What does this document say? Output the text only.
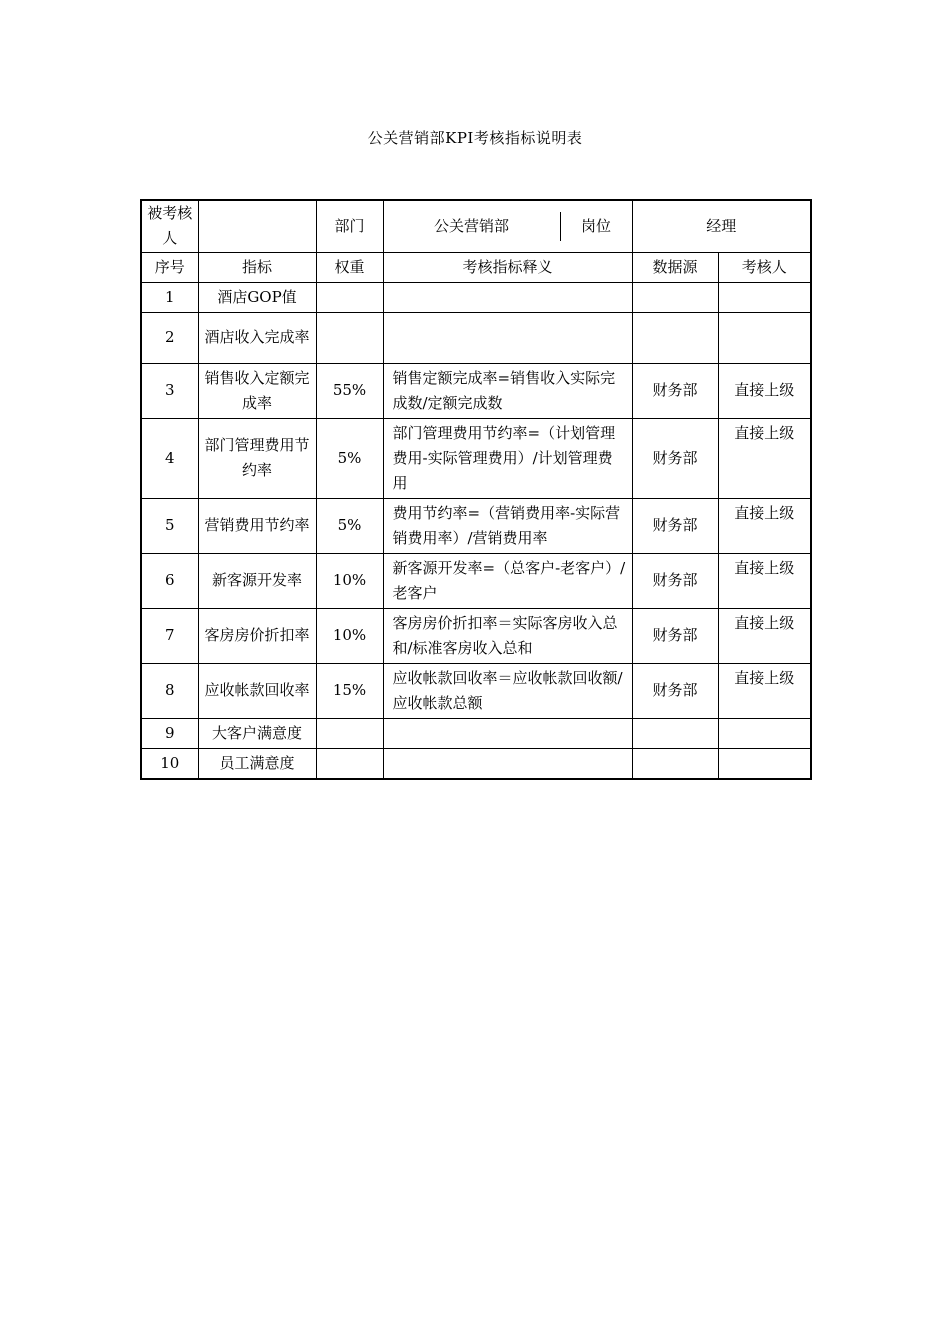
公关营销部KPI考核指标说明表
被考核人		部门	公关营销部 岗位	经理	
序号	指标	权重	考核指标释义	数据源	考核人
1	酒店GOP值				
2	酒店收入完成率				
3	销售收入定额完成率	55%	销售定额完成率=销售收入实际完成数/定额完成数	财务部	直接上级
4	部门管理费用节约率	5%	部门管理费用节约率=（计划管理费用-实际管理费用）/计划管理费用	财务部	直接上级
5	营销费用节约率	5%	费用节约率=（营销费用率-实际营销费用率）/营销费用率	财务部	直接上级
6	新客源开发率	10%	新客源开发率=（总客户-老客户）/老客户	财务部	直接上级
7	客房房价折扣率	10%	客房房价折扣率＝实际客房收入总和/标准客房收入总和	财务部	直接上级
8	应收帐款回收率	15%	应收帐款回收率＝应收帐款回收额/应收帐款总额	财务部	直接上级
9	大客户满意度				
10	员工满意度				
